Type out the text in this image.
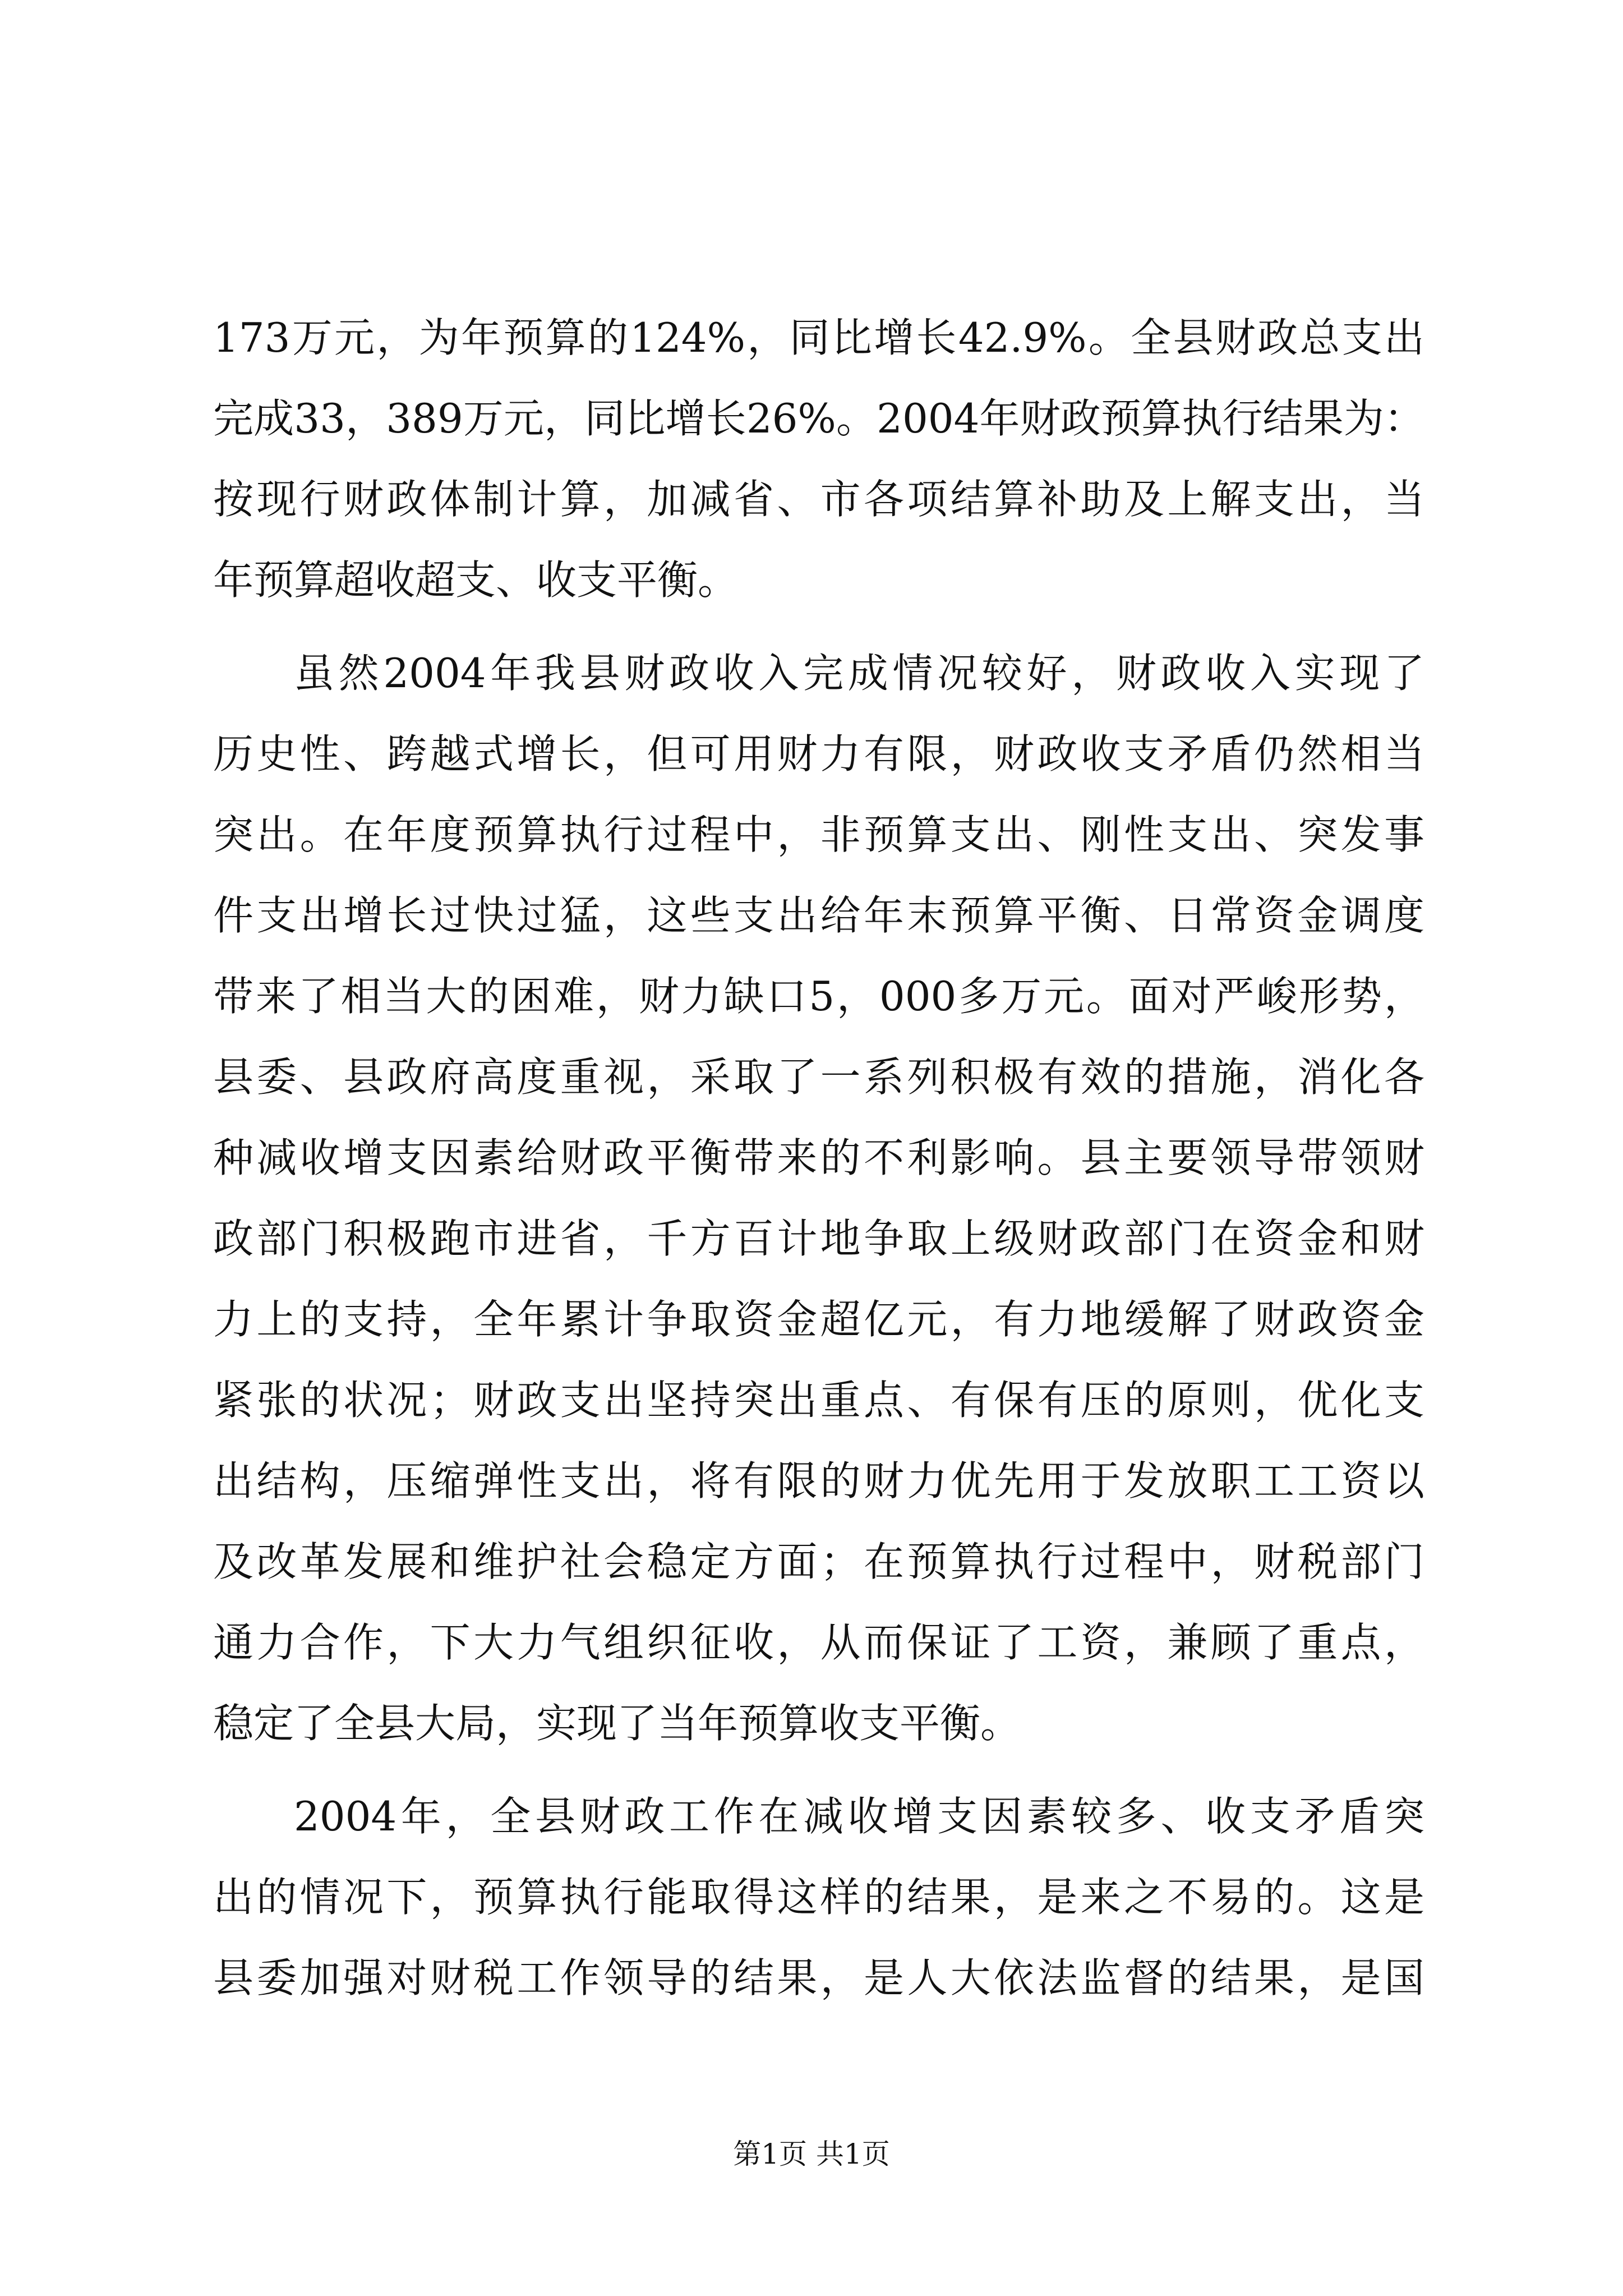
173万元，为年预算的124%，同比增长42.9%。全县财政总支出
完成33，389万元，同比增长26%。2004年财政预算执行结果为：
按现行财政体制计算，加减省、市各项结算补助及上解支出，当
年预算超收超支、收支平衡。
虽然2004年我县财政收入完成情况较好，财政收入实现了
历史性、跨越式增长，但可用财力有限，财政收支矛盾仍然相当
突出。在年度预算执行过程中，非预算支出、刚性支出、突发事
件支出增长过快过猛，这些支出给年末预算平衡、日常资金调度
带来了相当大的困难，财力缺口5，000多万元。面对严峻形势，
县委、县政府高度重视，采取了一系列积极有效的措施，消化各
种减收增支因素给财政平衡带来的不利影响。县主要领导带领财
政部门积极跑市进省，千方百计地争取上级财政部门在资金和财
力上的支持，全年累计争取资金超亿元，有力地缓解了财政资金
紧张的状况；财政支出坚持突出重点、有保有压的原则，优化支
出结构，压缩弹性支出，将有限的财力优先用于发放职工工资以
及改革发展和维护社会稳定方面；在预算执行过程中，财税部门
通力合作，下大力气组织征收，从而保证了工资，兼顾了重点，
稳定了全县大局，实现了当年预算收支平衡。
2004年，全县财政工作在减收增支因素较多、收支矛盾突
出的情况下，预算执行能取得这样的结果，是来之不易的。这是
县委加强对财税工作领导的结果，是人大依法监督的结果，是国
第1页 共1页
